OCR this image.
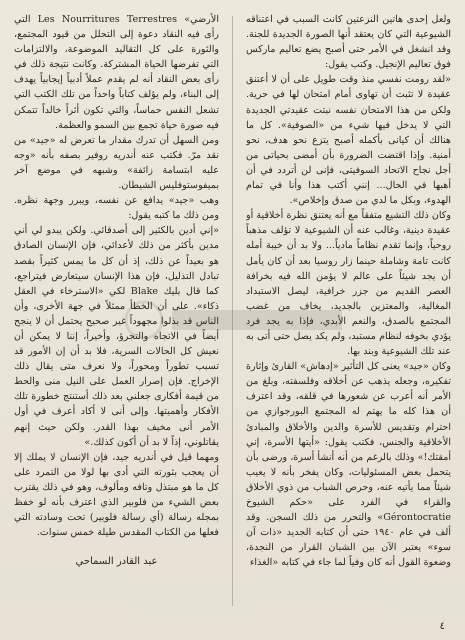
ولعل إحدى هاتين النزعتين كانت السبب في اعتناقه الشيوعية التي كان يعتقد أنها الصورة الجديدة للجنة. وقد انشغل في الأمر حتى أصبح يضع تعاليم ماركس فوق تعاليم الإنجيل. وكتب يقول:

«لقد رومت نفسي منذ وقت طويل على أن لا أعتنق عقيدة لا تثبت أن تهاوى أمام امتحان لها في حرية. ولكن من هذا الامتحان نفسه نبتت عقيدتي الجديدة التي لا يدخل فيها شيء من «الصوفية». كل ما هنالك أن كيانى بأكمله أصبح يتزع نحو هدف، نحو أمنية. وإذا اقتضت الضرورة بأن أمضى بحياتى من أجل نجاح الاتحاد السوفيتى، فإنى لن أتردد في أن أهبها في الحال... إنني أكتب هذا وأنا في تمام الهدوء، وبكل ما لدي من صدق وإخلاص».

وكان ذلك التشيع متفقاً مع أنه يعتنق نظرة أخلاقية أو عقيدة دينية، وغالب عنه أن الشيوعية لا تؤلف مذهباً روحياً، وإنما تقدم نظاماً مادياً... ولا بد أن خيبة أمله كانت تامة وشاملة حينما زار روسيا بعد أن كان يأمل أن يجد شيئاً على عالم لا يؤمن الله فيه بخرافة العصر القديم من جزر خرافية، ليصل الاستبداد المغالية، والمعتزين بالجديد، يخاف من غضب المجتمع بالصدق، والنعم الأبدي، فإذا به يجد فرد يؤدي بخوفه لنظام مستبد، ولم يكد يصل حتى أتى به عند تلك الشيوعية وبند بها.

وكان «جيد» يعنى كل التأثير «إدهاش» القارئ وإثارة تفكيره، وجعله يذهب عن أخلاقه وفلسفته، وبلغ من الأمر أنه أعرب عن شعورها في قلقه، وقد اعترف أن هذا كله ما يهتم له المجتمع البورجوازي من احترام وتقديس للأسرة والدين والأخلاق والمبادئ الأخلاقية والجنس، فكتب يقول: «أيتها الأسرة، إني أمقتك!» وذلك بالرغم من أنه أنشأ أسرة، ورضى بأن يتحمل بعض المسئوليات، وكان يفخر بأنه لا يعيب شيئاً مما يأتيه عنه، وحرص الشباب من ذوي الأخلاق والقراء في الفرد على «حكم الشيوخ Gérontocratie» والتحرر من ذلك السجن. وقد ألف في عام ١٩٤٠ حتى أن كتابه الجديد «ذات آن سوء» يعتبر الآن بين الشبان القرار من النجدة، وضعوة القول أنه كان وفياً لما جاء في كتابه «الغذاء

الأرضي» Les Nourritures Terrestres التي رأى فيه النقاد دعوة إلى التحلل من قيود المجتمع، والثورة على كل التقاليد الموضوعة، والالتزامات التي تفرضها الحياة المشتركة. وكانت نتيجة ذلك في رأى بعض النقاد أنه لم يقدم عملاً أدبياً إيجابياً يهدف إلى البناء، ولم يؤلف كتاباً واحداً من تلك الكتب التي تشعل النفس حماساً، والتي تكون أثراً خالداً تتمكن فيه صورة حياة تجمع بين السمو والعظمة.

ومن السهل أن تدرك مقدار ما تعرض له «جيد» من نقد مرّ. فكتب عنه أندريه روفير بصفه بأنه «وجه عليه ابتسامة زائفة» وشبهه في موضع آخر بميفوستوفليس الشيطان.

وهب «جيد» يدافع عن نفسه، ويبرر وجهة نظره. ومن ذلك ما كتبه يقول:

«إني أدين بالكثير إلى أصدقائي. ولكن يبدو لي أني مدين بأكثر من ذلك لأعدائي، فإن الإنسان الصادق هو بعيداً عن ذلك، إذ أن كل ما يمس كثيراً بقصد تبادل التذليل، فإن هذا الإنسان سيتعارض فيتراجع، كما قال بليك Blake لكي «الاسترخاء في العقل ذكاء». على أن الخطأ ممثلاً في جهة الأخرى، وأن الناس قد بذلوا مجهوداً غير صحيح يحتمل أن لا ينجح أيضاً في الاتجاه والتجرؤ، وأخيراً، إننا لا يمكن أن نعيش كل الحالات السرية، فلا بد أن إن الأمور قد تسبب تطوراً ومحوراً، ولا نعرف متى يقال ذلك الإخراج. فإن إصرار العمل على النيل منى والحط من قيمة أفكارى جعلني بعد ذلك أستنتج خطورة تلك الأفكار وأهميتها. وإلى أنى لا أكاد أعرف في أول الأمر أنى مخيف بهذا القدر. ولكن حيث إنهم يقاتلوني، إذاً لا بد أن أكون كذلك.»

ومهما قيل في أندريه جيد، فإن الإنسان لا يملك إلا أن يعجب بثورته التي أدى بها لولا من التمرد على كل ما هو مبتذل وتافه ومألوف، وهو في ذلك يقترب بعض الشيء من فلوبير الذي اعترف بأنه لو خفظ بمجله رسالة (أي رسالة فلوبير) تحت وسادته التي فعلها من الكتاب المقدس طيلة خمس سنوات.

عبد القادر السماحي
٤
